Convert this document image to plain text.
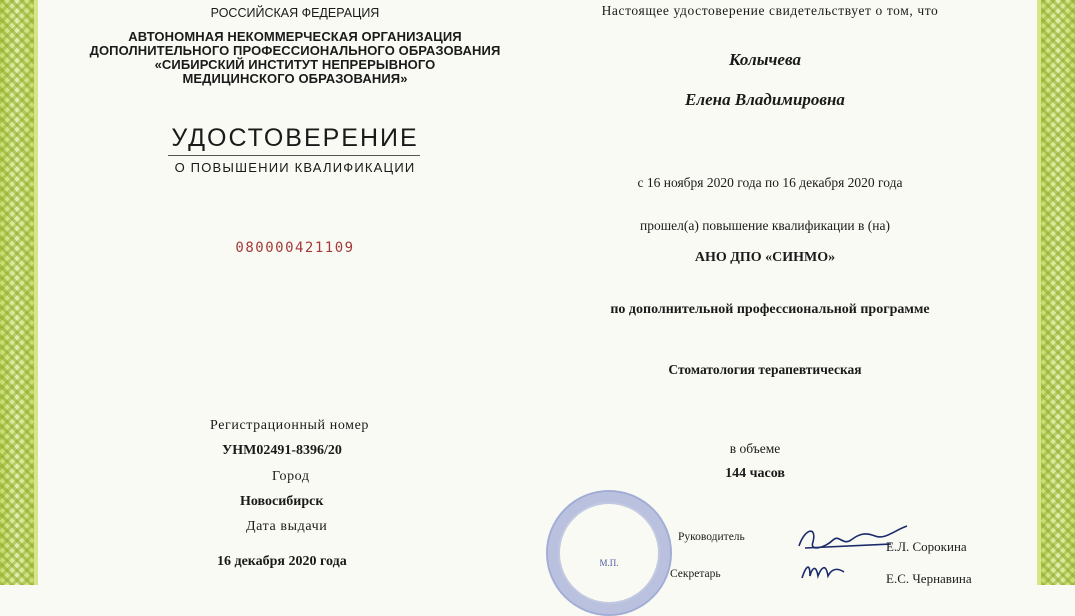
РОССИЙСКАЯ ФЕДЕРАЦИЯ
АВТОНОМНАЯ НЕКОММЕРЧЕСКАЯ ОРГАНИЗАЦИЯ
ДОПОЛНИТЕЛЬНОГО ПРОФЕССИОНАЛЬНОГО ОБРАЗОВАНИЯ
«СИБИРСКИЙ ИНСТИТУТ НЕПРЕРЫВНОГО
МЕДИЦИНСКОГО ОБРАЗОВАНИЯ»
УДОСТОВЕРЕНИЕ
О ПОВЫШЕНИИ КВАЛИФИКАЦИИ
080000421109
Регистрационный номер
УНМ02491-8396/20
Город
Новосибирск
Дата выдачи
16 декабря 2020 года
Настоящее удостоверение свидетельствует о том, что
Колычева
Елена Владимировна
с 16 ноября 2020 года по 16 декабря 2020 года
прошел(а) повышение квалификации в (на)
АНО ДПО «СИНМО»
по дополнительной профессиональной программе
Стоматология терапевтическая
в объеме
144 часов
М.П.
Руководитель
Секретарь
Е.Л. Сорокина
Е.С. Чернавина
